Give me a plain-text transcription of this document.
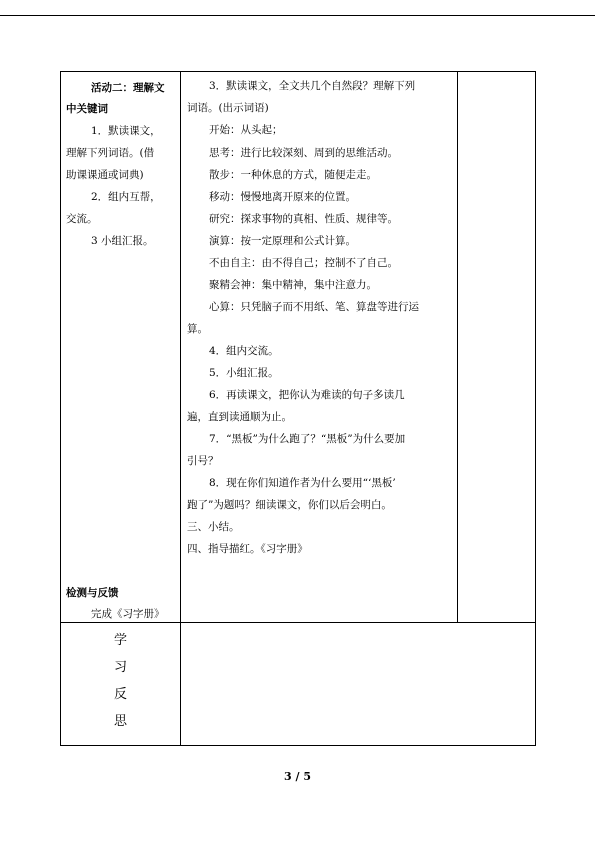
活动二：理解文
中关键词
1．默读课文，
理解下列词语。(借
助课课通或词典)
2．组内互帮，
交流。
3 小组汇报。
检测与反馈
完成《习字册》
3．默读课文，全文共几个自然段？理解下列
词语。(出示词语)
开始：从头起；
思考：进行比较深刻、周到的思维活动。
散步：一种休息的方式，随便走走。
移动：慢慢地离开原来的位置。
研究：探求事物的真相、性质、规律等。
演算：按一定原理和公式计算。
不由自主：由不得自己；控制不了自己。
聚精会神：集中精神，集中注意力。
心算：只凭脑子而不用纸、笔、算盘等进行运
算。
4．组内交流。
5．小组汇报。
6．再读课文，把你认为难读的句子多读几
遍，直到读通顺为止。
7．“黑板”为什么跑了？“黑板”为什么要加
引号？
8．现在你们知道作者为什么要用“‘黑板’
跑了”为题吗？细读课文，你们以后会明白。
三、小结。
四、指导描红。《习字册》
学
习
反
思
3 / 5
